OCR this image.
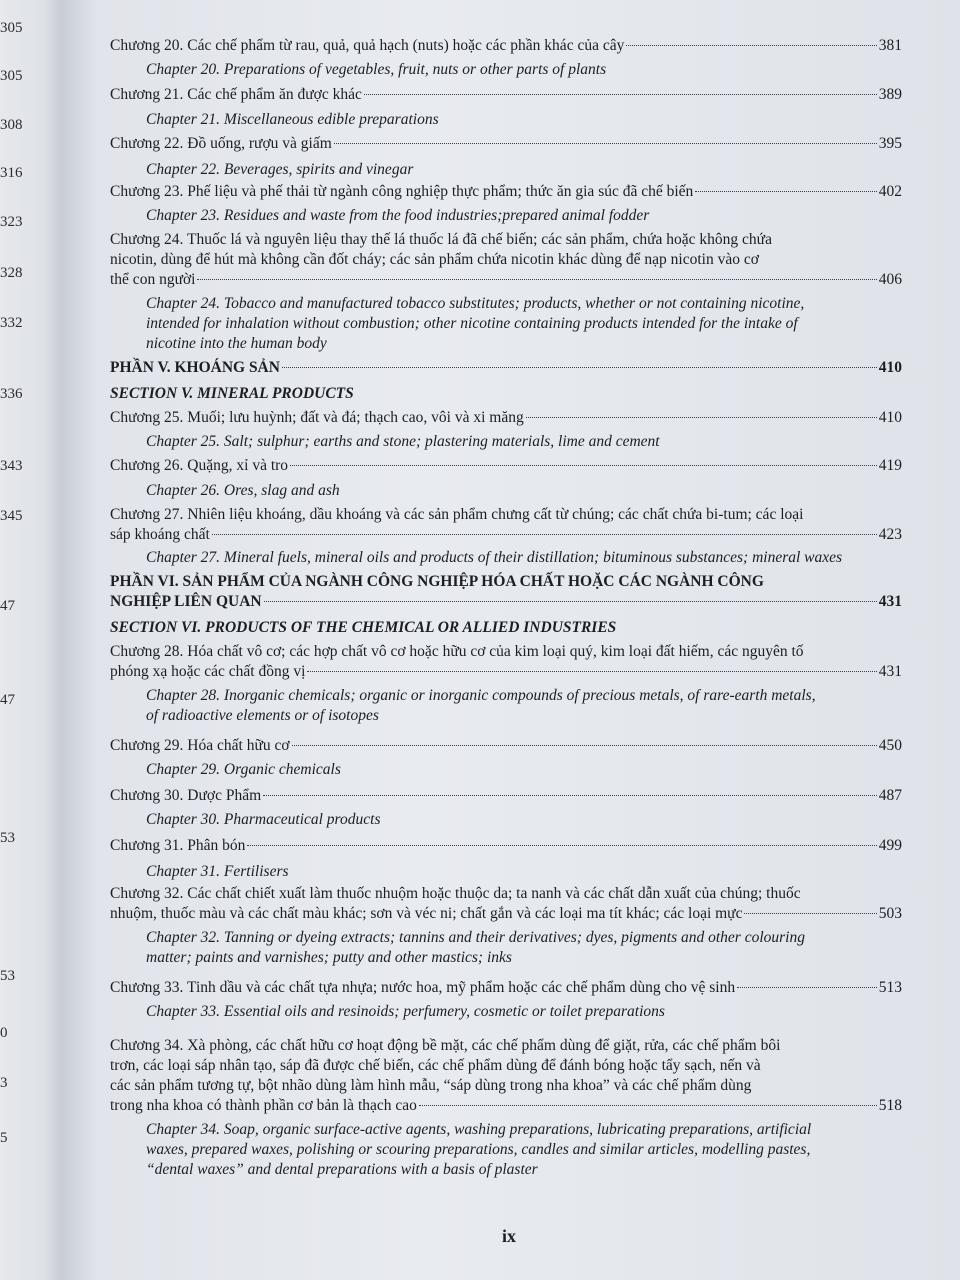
305
305
308
316
323
328
332
336
343
345
47
47
53
53
0
3
5
Chương 20. Các chế phẩm từ rau, quả, quả hạch (nuts) hoặc các phần khác của cây	381
Chapter 20. Preparations of vegetables, fruit, nuts or other parts of plants
Chương 21. Các chế phẩm ăn được khác	389
Chapter 21. Miscellaneous edible preparations
Chương 22. Đồ uống, rượu và giấm	395
Chapter 22. Beverages, spirits and vinegar
Chương 23. Phế liệu và phế thải từ ngành công nghiệp thực phẩm; thức ăn gia súc đã chế biến	402
Chapter 23. Residues and waste from the food industries;prepared animal fodder
Chương 24. Thuốc lá và nguyên liệu thay thế lá thuốc lá đã chế biến; các sản phẩm, chứa hoặc không chứa
nicotin, dùng để hút mà không cần đốt cháy; các sản phẩm chứa nicotin khác dùng để nạp nicotin vào cơ
thể con người	406
Chapter 24. Tobacco and manufactured tobacco substitutes; products, whether or not containing nicotine,
intended for inhalation without combustion; other nicotine containing products intended for the intake of
nicotine into the human body
PHẦN V. KHOÁNG SẢN	410
SECTION V. MINERAL PRODUCTS
Chương 25. Muối; lưu huỳnh; đất và đá; thạch cao, vôi và xi măng	410
Chapter 25. Salt; sulphur; earths and stone; plastering materials, lime and cement
Chương 26. Quặng, xỉ và tro	419
Chapter 26. Ores, slag and ash
Chương 27. Nhiên liệu khoáng, dầu khoáng và các sản phẩm chưng cất từ chúng; các chất chứa bi-tum; các loại
sáp khoáng chất	423
Chapter 27. Mineral fuels, mineral oils and products of their distillation; bituminous substances; mineral waxes
PHẦN VI. SẢN PHẨM CỦA NGÀNH CÔNG NGHIỆP HÓA CHẤT HOẶC CÁC NGÀNH CÔNG
NGHIỆP LIÊN QUAN	431
SECTION VI. PRODUCTS OF THE CHEMICAL OR ALLIED INDUSTRIES
Chương 28. Hóa chất vô cơ; các hợp chất vô cơ hoặc hữu cơ của kim loại quý, kim loại đất hiếm, các nguyên tố
phóng xạ hoặc các chất đồng vị	431
Chapter 28. Inorganic chemicals; organic or inorganic compounds of precious metals, of rare-earth metals,
of radioactive elements or of isotopes
Chương 29. Hóa chất hữu cơ	450
Chapter 29. Organic chemicals
Chương 30. Dược Phẩm	487
Chapter 30. Pharmaceutical products
Chương 31. Phân bón	499
Chapter 31. Fertilisers
Chương 32. Các chất chiết xuất làm thuốc nhuộm hoặc thuộc da; ta nanh và các chất dẫn xuất của chúng; thuốc
nhuộm, thuốc màu và các chất màu khác; sơn và véc ni; chất gắn và các loại ma tít khác; các loại mực	503
Chapter 32. Tanning or dyeing extracts; tannins and their derivatives; dyes, pigments and other colouring
matter; paints and varnishes; putty and other mastics; inks
Chương 33. Tinh dầu và các chất tựa nhựa; nước hoa, mỹ phẩm hoặc các chế phẩm dùng cho vệ sinh	513
Chapter 33. Essential oils and resinoids; perfumery, cosmetic or toilet preparations
Chương 34. Xà phòng, các chất hữu cơ hoạt động bề mặt, các chế phẩm dùng để giặt, rửa, các chế phẩm bôi
trơn, các loại sáp nhân tạo, sáp đã được chế biến, các chế phẩm dùng để đánh bóng hoặc tẩy sạch, nến và
các sản phẩm tương tự, bột nhão dùng làm hình mẫu, “sáp dùng trong nha khoa” và các chế phẩm dùng
trong nha khoa có thành phần cơ bản là thạch cao	518
Chapter 34. Soap, organic surface-active agents, washing preparations, lubricating preparations, artificial
waxes, prepared waxes, polishing or scouring preparations, candles and similar articles, modelling pastes,
“dental waxes” and dental preparations with a basis of plaster
ix
